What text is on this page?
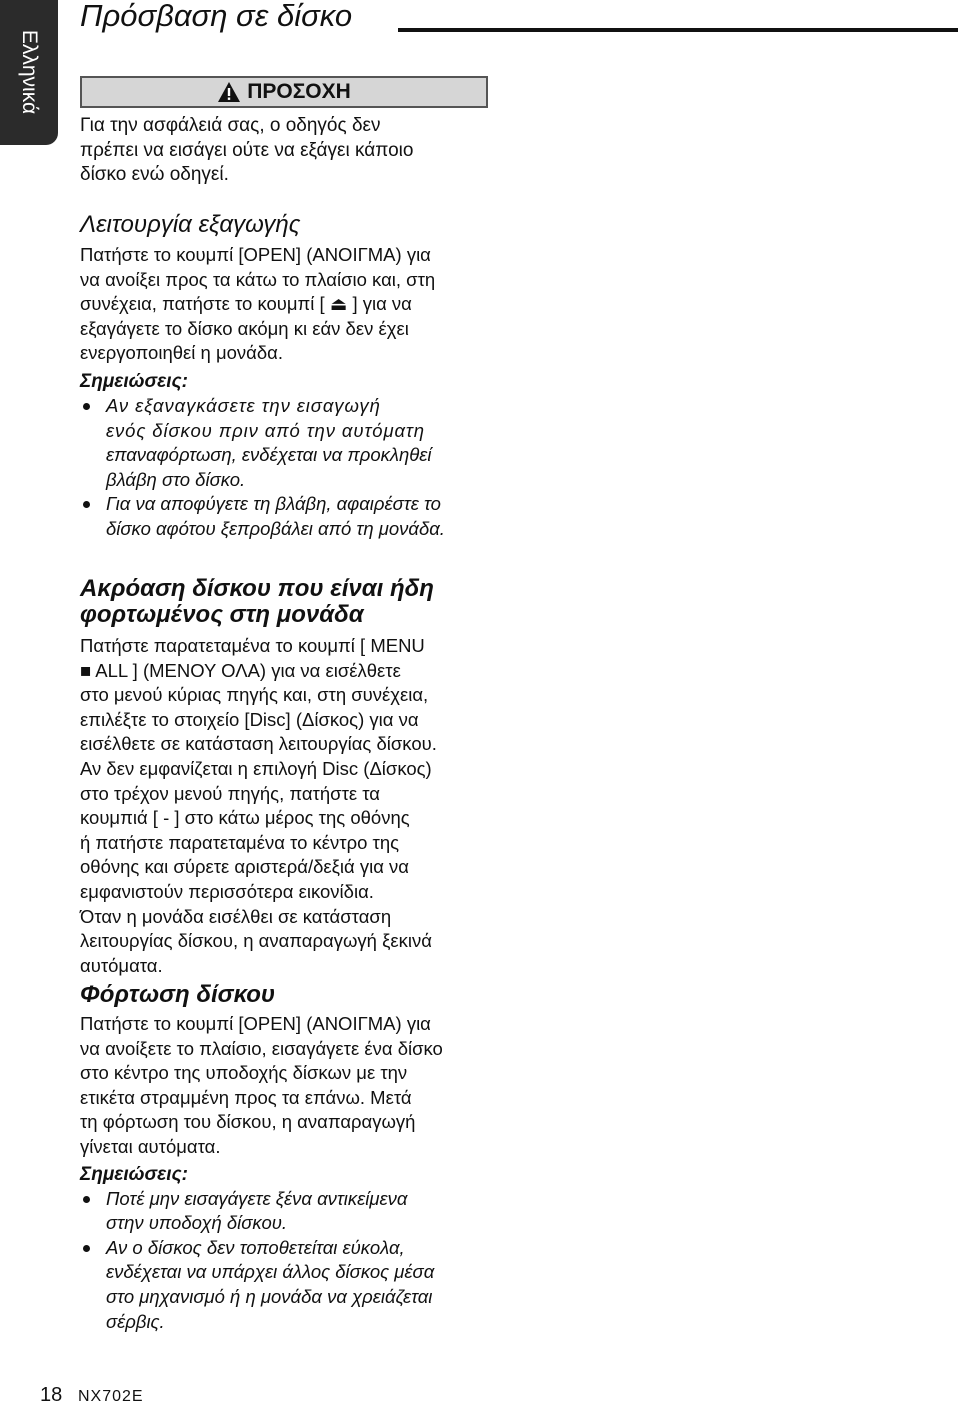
Ελληνικά
Πρόσβαση σε δίσκο
ΠΡΟΣΟΧΗ

Για την ασφάλειά σας, ο οδηγός δεν

πρέπει να εισάγει ούτε να εξάγει κάποιο

δίσκο ενώ οδηγεί.

Λειτουργία εξαγωγής

Πατήστε το κουμπί [OPEN] (ΑΝΟΙΓΜΑ) για

να ανοίξει προς τα κάτω το πλαίσιο και, στη

συνέχεια, πατήστε το κουμπί [ ⏏ ] για να

εξαγάγετε το δίσκο ακόμη κι εάν δεν έχει

ενεργοποιηθεί η μονάδα.

Σημειώσεις:

Αν εξαναγκάσετε την εισαγωγή

ενός δίσκου πριν από την αυτόματη

επαναφόρτωση, ενδέχεται να προκληθεί

βλάβη στο δίσκο.

Για να αποφύγετε τη βλάβη, αφαιρέστε το

δίσκο αφότου ξεπροβάλει από τη μονάδα.

Ακρόαση δίσκου που είναι ήδη
φορτωμένος στη μονάδα

Πατήστε παρατεταμένα το κουμπί [ MENU

■ ALL ] (ΜΕΝΟΥ ΟΛΑ) για να εισέλθετε

στο μενού κύριας πηγής και, στη συνέχεια,

επιλέξτε το στοιχείο [Disc] (Δίσκος) για να

εισέλθετε σε κατάσταση λειτουργίας δίσκου.

Αν δεν εμφανίζεται η επιλογή Disc (Δίσκος)

στο τρέχον μενού πηγής, πατήστε τα

κουμπιά [ - ] στο κάτω μέρος της οθόνης

ή πατήστε παρατεταμένα το κέντρο της

οθόνης και σύρετε αριστερά/δεξιά για να

εμφανιστούν περισσότερα εικονίδια.

Όταν η μονάδα εισέλθει σε κατάσταση

λειτουργίας δίσκου, η αναπαραγωγή ξεκινά

αυτόματα.

Φόρτωση δίσκου

Πατήστε το κουμπί [OPEN] (ΑΝΟΙΓΜΑ) για

να ανοίξετε το πλαίσιο, εισαγάγετε ένα δίσκο

στο κέντρο της υποδοχής δίσκων με την

ετικέτα στραμμένη προς τα επάνω. Μετά

τη φόρτωση του δίσκου, η αναπαραγωγή

γίνεται αυτόματα.

Σημειώσεις:

Ποτέ μην εισαγάγετε ξένα αντικείμενα

στην υποδοχή δίσκου.

Αν ο δίσκος δεν τοποθετείται εύκολα,

ενδέχεται να υπάρχει άλλος δίσκος μέσα

στο μηχανισμό ή η μονάδα να χρειάζεται

σέρβις.

18 NX702E
